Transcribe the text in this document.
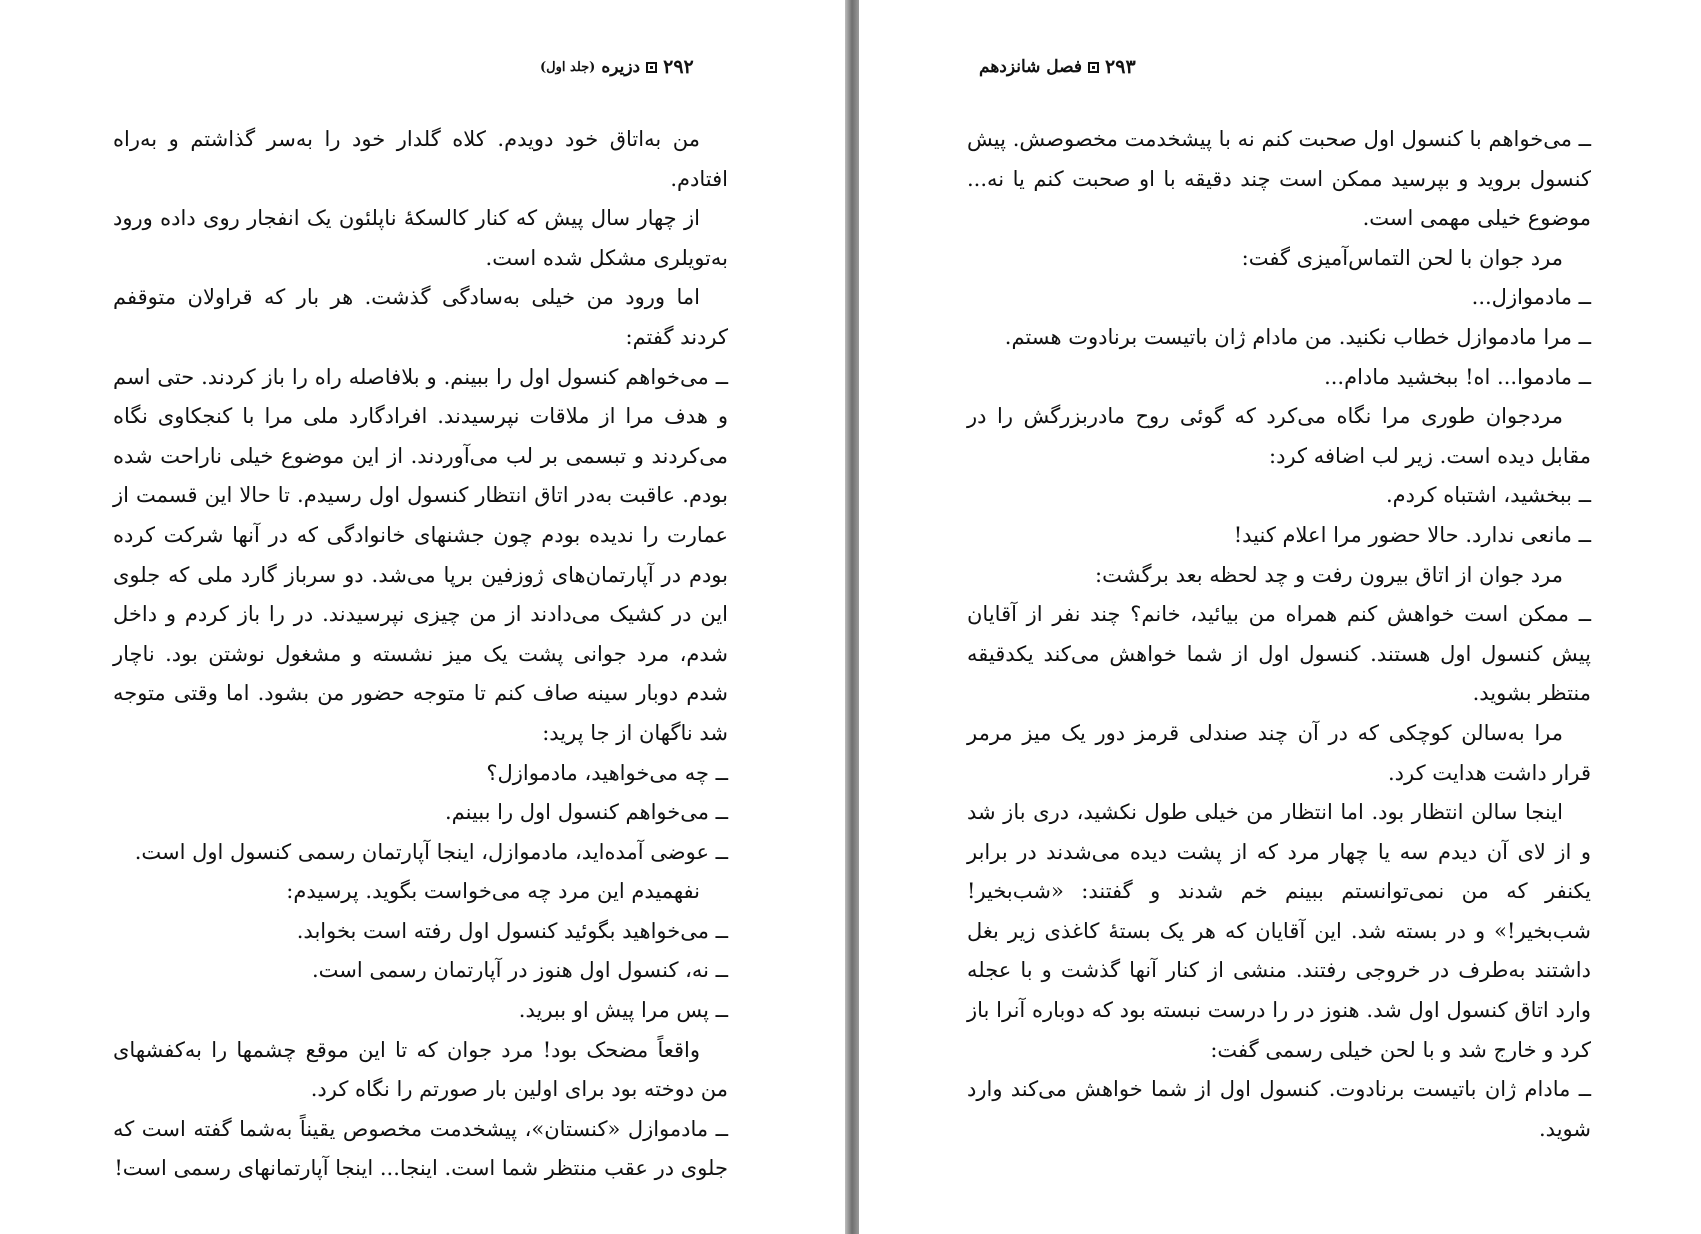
۲۹۲
دزیره
(جلد اول)

من به‌اتاق خود دویدم. کلاه گلدار خود را به‌سر گذاشتم و به‌راه افتادم.

از چهار سال پیش که کنار کالسکهٔ ناپلئون یک انفجار روی داده ورود به‌تویلری مشکل شده است.

اما ورود من خیلی به‌سادگی گذشت. هر بار که قراولان متوقفم کردند گفتم:

ــ می‌خواهم کنسول اول را ببینم. و بلافاصله راه را باز کردند. حتی اسم و هدف مرا از ملاقات نپرسیدند. افرادگارد ملی مرا با کنجکاوی نگاه می‌کردند و تبسمی بر لب می‌آوردند. از این موضوع خیلی ناراحت شده بودم. عاقبت به‌در اتاق انتظار کنسول اول رسیدم. تا حالا این قسمت از عمارت را ندیده بودم چون جشنهای خانوادگی که در آنها شرکت کرده بودم در آپارتمان‌های ژوزفین برپا می‌شد. دو سرباز گارد ملی که جلوی این در کشیک می‌دادند از من چیزی نپرسیدند. در را باز کردم و داخل شدم، مرد جوانی پشت یک میز نشسته و مشغول نوشتن بود. ناچار شدم دوبار سینه صاف کنم تا متوجه حضور من بشود. اما وقتی متوجه شد ناگهان از جا پرید:

ــ چه می‌خواهید، مادموازل؟

ــ می‌خواهم کنسول اول را ببینم.

ــ عوضی آمده‌اید، مادموازل، اینجا آپارتمان رسمی کنسول اول است.

نفهمیدم این مرد چه می‌خواست بگوید. پرسیدم:

ــ می‌خواهید بگوئید کنسول اول رفته است بخوابد.

ــ نه، کنسول اول هنوز در آپارتمان رسمی است.

ــ پس مرا پیش او ببرید.

واقعاً مضحک بود! مرد جوان که تا این موقع چشمها را به‌کفشهای من دوخته بود برای اولین بار صورتم را نگاه کرد.

ــ مادموازل «کنستان»، پیشخدمت مخصوص یقیناً به‌شما گفته است که جلوی در عقب منتظر شما است. اینجا... اینجا آپارتمانهای رسمی است!

۲۹۳
فصل شانزدهم

ــ می‌خواهم با کنسول اول صحبت کنم نه با پیشخدمت مخصوصش. پیش کنسول بروید و بپرسید ممکن است چند دقیقه با او صحبت کنم یا نه... موضوع خیلی مهمی است.

مرد جوان با لحن التماس‌آمیزی گفت:

ــ مادموازل...

ــ مرا مادموازل خطاب نکنید. من مادام ژان باتیست برنادوت هستم.

ــ مادموا... اه! ببخشید مادام...

مردجوان طوری مرا نگاه می‌کرد که گوئی روح مادربزرگش را در مقابل دیده است. زیر لب اضافه کرد:

ــ ببخشید، اشتباه کردم.

ــ مانعی ندارد. حالا حضور مرا اعلام کنید!

مرد جوان از اتاق بیرون رفت و چد لحظه بعد برگشت:

ــ ممکن است خواهش کنم همراه من بیائید، خانم؟ چند نفر از آقایان پیش کنسول اول هستند. کنسول اول از شما خواهش می‌کند یکدقیقه منتظر بشوید.

مرا به‌سالن کوچکی که در آن چند صندلی قرمز دور یک میز مرمر قرار داشت هدایت کرد.

اینجا سالن انتظار بود. اما انتظار من خیلی طول نکشید، دری باز شد و از لای آن دیدم سه یا چهار مرد که از پشت دیده می‌شدند در برابر یکنفر که من نمی‌توانستم ببینم خم شدند و گفتند: «شب‌بخیر! شب‌بخیر!» و در بسته شد. این آقایان که هر یک بستهٔ کاغذی زیر بغل داشتند به‌طرف در خروجی رفتند. منشی از کنار آنها گذشت و با عجله وارد اتاق کنسول اول شد. هنوز در را درست نبسته بود که دوباره آنرا باز کرد و خارج شد و با لحن خیلی رسمی گفت:

ــ مادام ژان باتیست برنادوت. کنسول اول از شما خواهش می‌کند وارد شوید.
